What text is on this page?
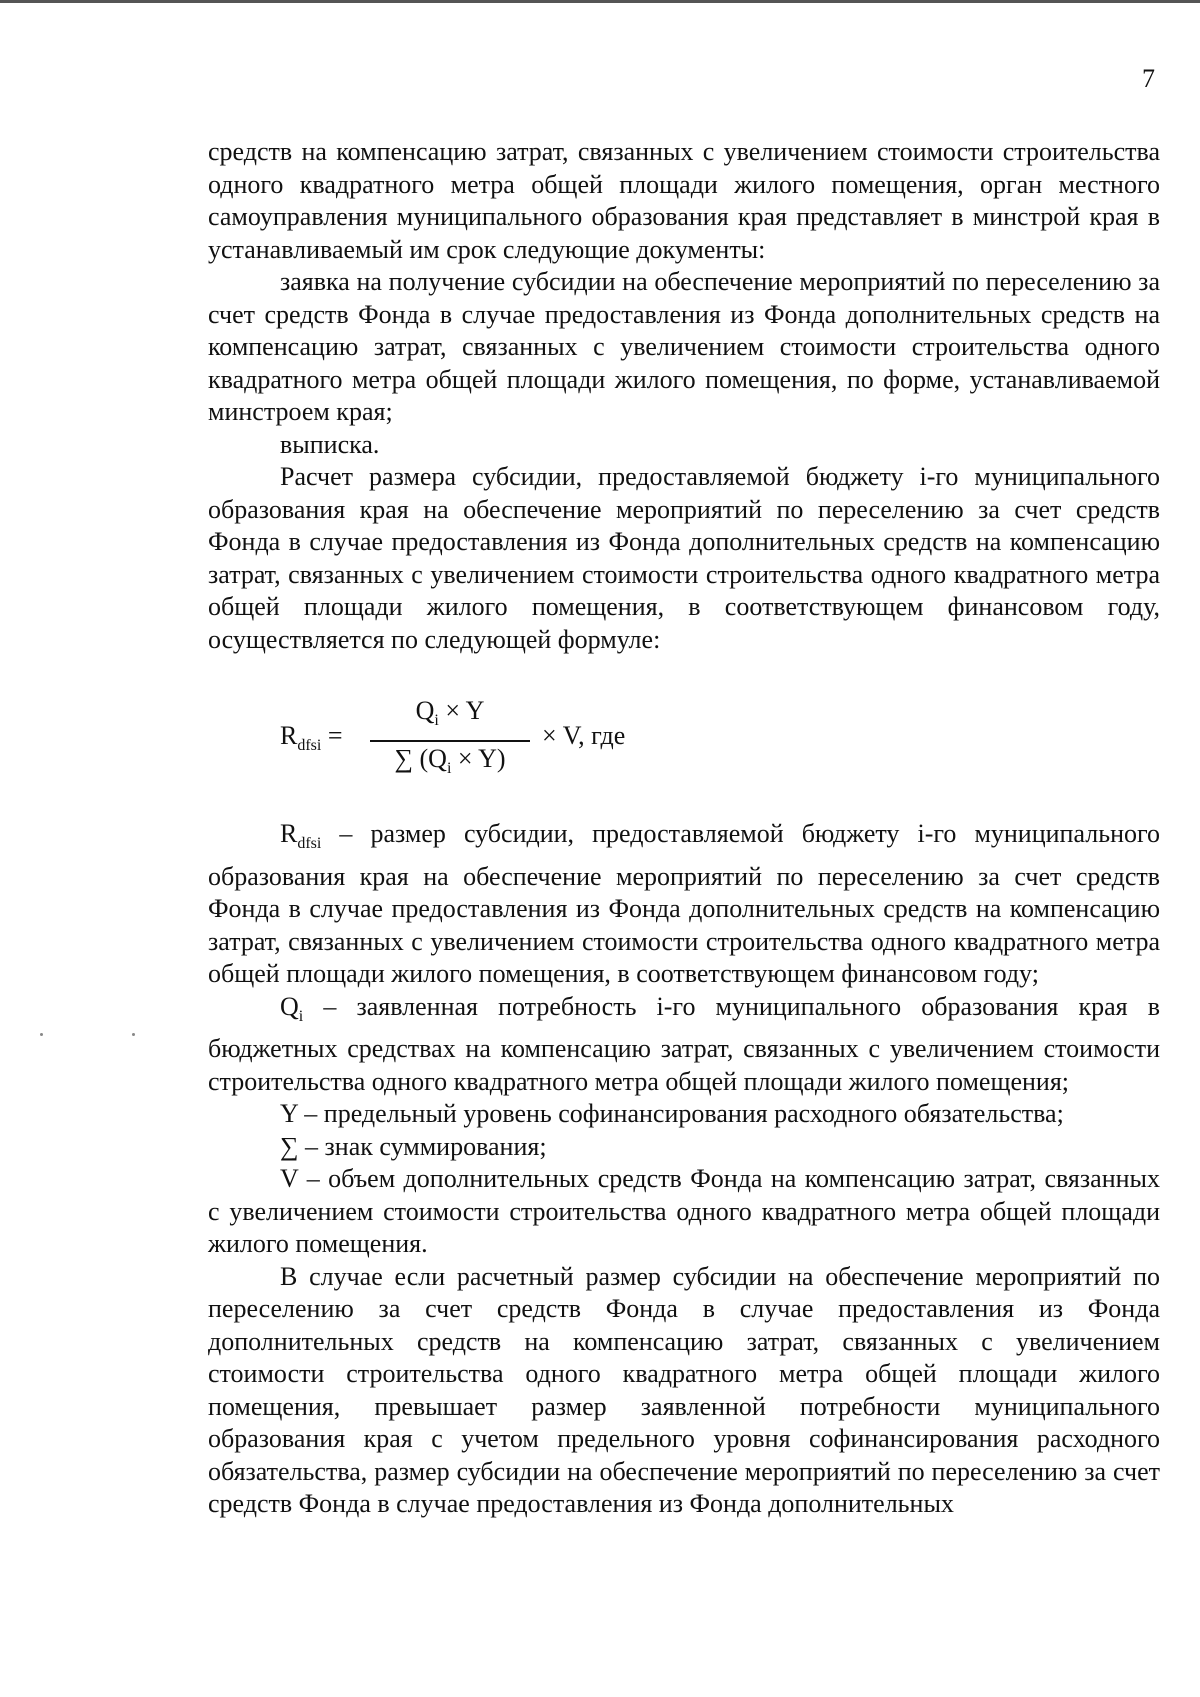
7

средств на компенсацию затрат, связанных с увеличением стоимости строительства одного квадратного метра общей площади жилого помещения, орган местного самоуправления муниципального образования края представляет в минстрой края в устанавливаемый им срок следующие документы:

заявка на получение субсидии на обеспечение мероприятий по переселению за счет средств Фонда в случае предоставления из Фонда дополнительных средств на компенсацию затрат, связанных с увеличением стоимости строительства одного квадратного метра общей площади жилого помещения, по форме, устанавливаемой минстроем края;

выписка.

Расчет размера субсидии, предоставляемой бюджету i-го муниципального образования края на обеспечение мероприятий по переселению за счет средств Фонда в случае предоставления из Фонда дополнительных средств на компенсацию затрат, связанных с увеличением стоимости строительства одного квадратного метра общей площади жилого помещения, в соответствующем финансовом году, осуществляется по следующей формуле:

$R_{dfsi}$ =
$Q_i \times Y$
∑ $(Q_i \times Y)$
× V, где

$R_{dfsi}$ – размер субсидии, предоставляемой бюджету i-го муниципального образования края на обеспечение мероприятий по переселению за счет средств Фонда в случае предоставления из Фонда дополнительных средств на компенсацию затрат, связанных с увеличением стоимости строительства одного квадратного метра общей площади жилого помещения, в соответствующем финансовом году;

$Q_i$ – заявленная потребность i-го муниципального образования края в бюджетных средствах на компенсацию затрат, связанных с увеличением стоимости строительства одного квадратного метра общей площади жилого помещения;

Y – предельный уровень софинансирования расходного обязательства;

∑ – знак суммирования;

V – объем дополнительных средств Фонда на компенсацию затрат, связанных с увеличением стоимости строительства одного квадратного метра общей площади жилого помещения.

В случае если расчетный размер субсидии на обеспечение мероприятий по переселению за счет средств Фонда в случае предоставления из Фонда дополнительных средств на компенсацию затрат, связанных с увеличением стоимости строительства одного квадратного метра общей площади жилого помещения, превышает размер заявленной потребности муниципального образования края с учетом предельного уровня софинансирования расходного обязательства, размер субсидии на обеспечение мероприятий по переселению за счет средств Фонда в случае предоставления из Фонда дополнительных
